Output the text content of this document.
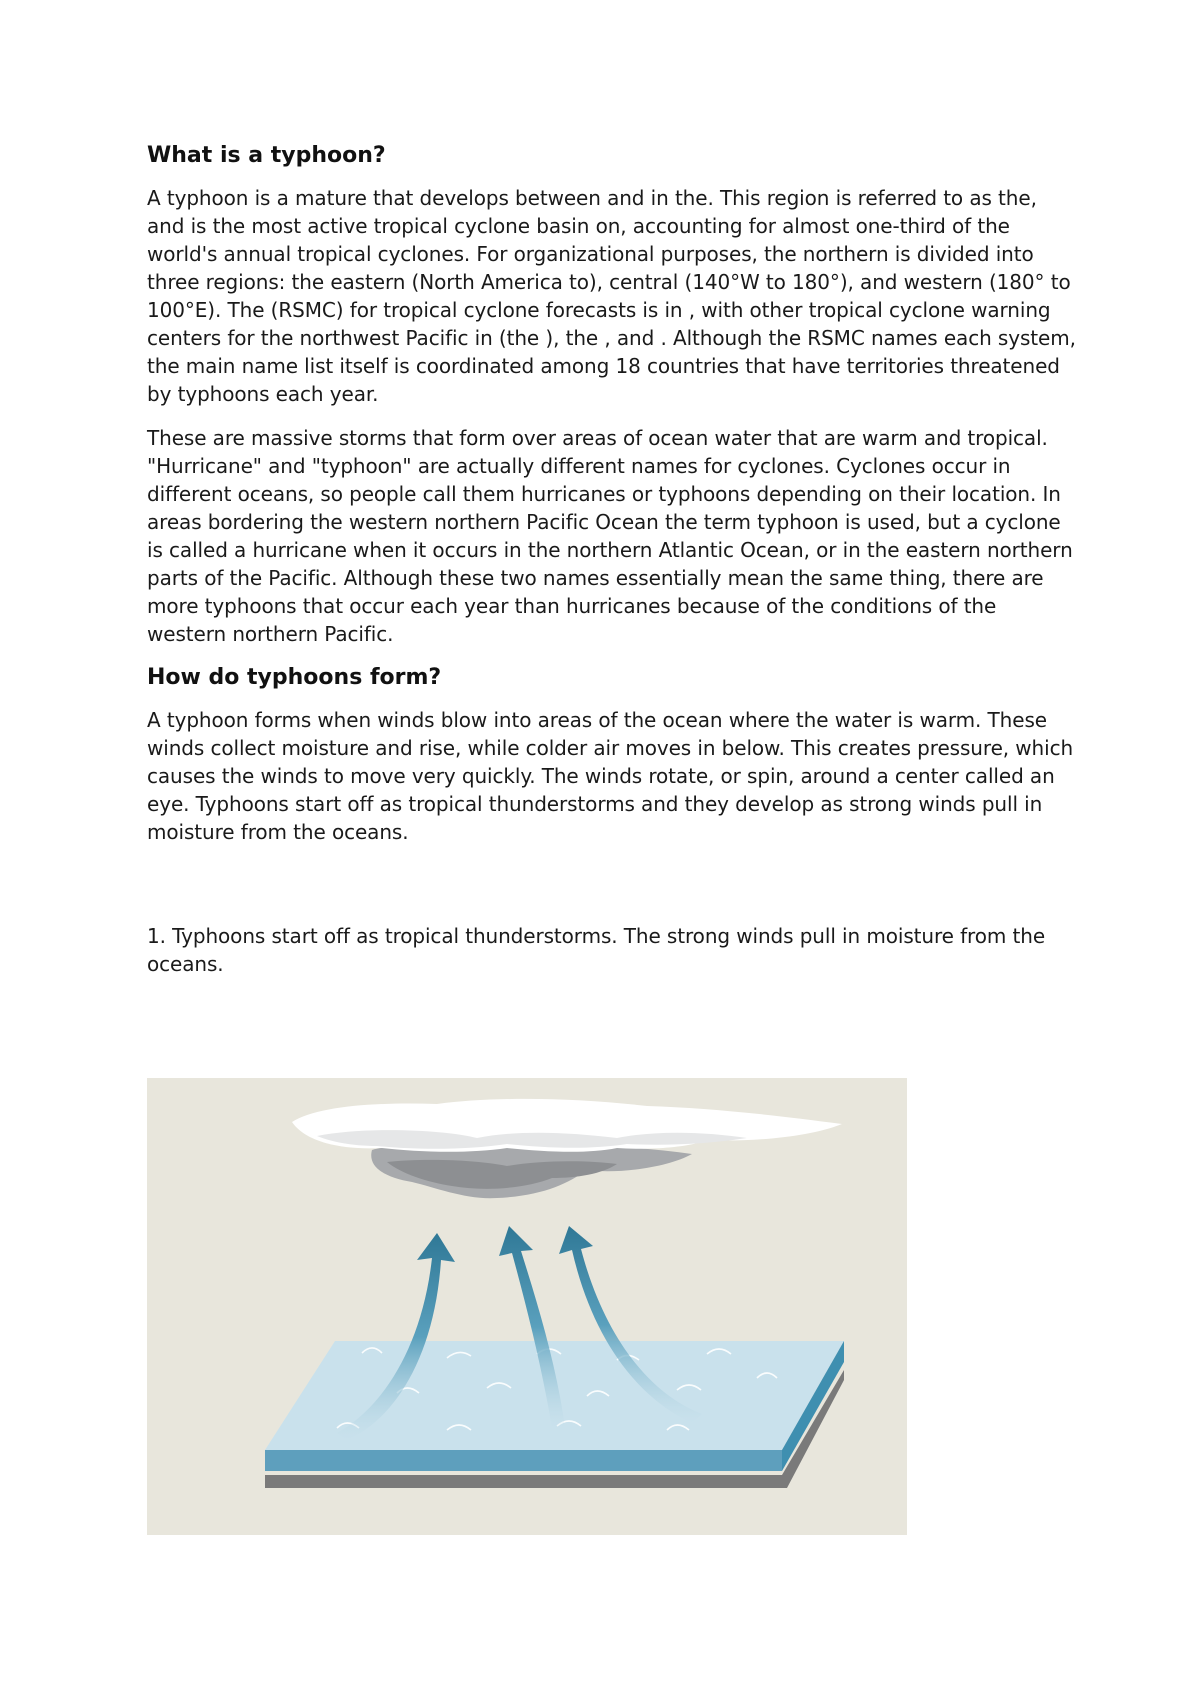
What is a typhoon?

A typhoon is a mature that develops between and in the. This region is referred to as the, and is the most active tropical cyclone basin on, accounting for almost one-third of the world's annual tropical cyclones. For organizational purposes, the northern is divided into three regions: the eastern (North America to), central (140°W to 180°), and western (180° to 100°E). The (RSMC) for tropical cyclone forecasts is in , with other tropical cyclone warning centers for the northwest Pacific in (the ), the , and . Although the RSMC names each system, the main name list itself is coordinated among 18 countries that have territories threatened by typhoons each year.

These are massive storms that form over areas of ocean water that are warm and tropical. "Hurricane" and "typhoon" are actually different names for cyclones. Cyclones occur in different oceans, so people call them hurricanes or typhoons depending on their location. In areas bordering the western northern Pacific Ocean the term typhoon is used, but a cyclone is called a hurricane when it occurs in the northern Atlantic Ocean, or in the eastern northern parts of the Pacific. Although these two names essentially mean the same thing, there are more typhoons that occur each year than hurricanes because of the conditions of the western northern Pacific.

How do typhoons form?

A typhoon forms when winds blow into areas of the ocean where the water is warm. These winds collect moisture and rise, while colder air moves in below. This creates pressure, which causes the winds to move very quickly. The winds rotate, or spin, around a center called an eye. Typhoons start off as tropical thunderstorms and they develop as strong winds pull in moisture from the oceans.

1. Typhoons start off as tropical thunderstorms. The strong winds pull in moisture from the oceans.
